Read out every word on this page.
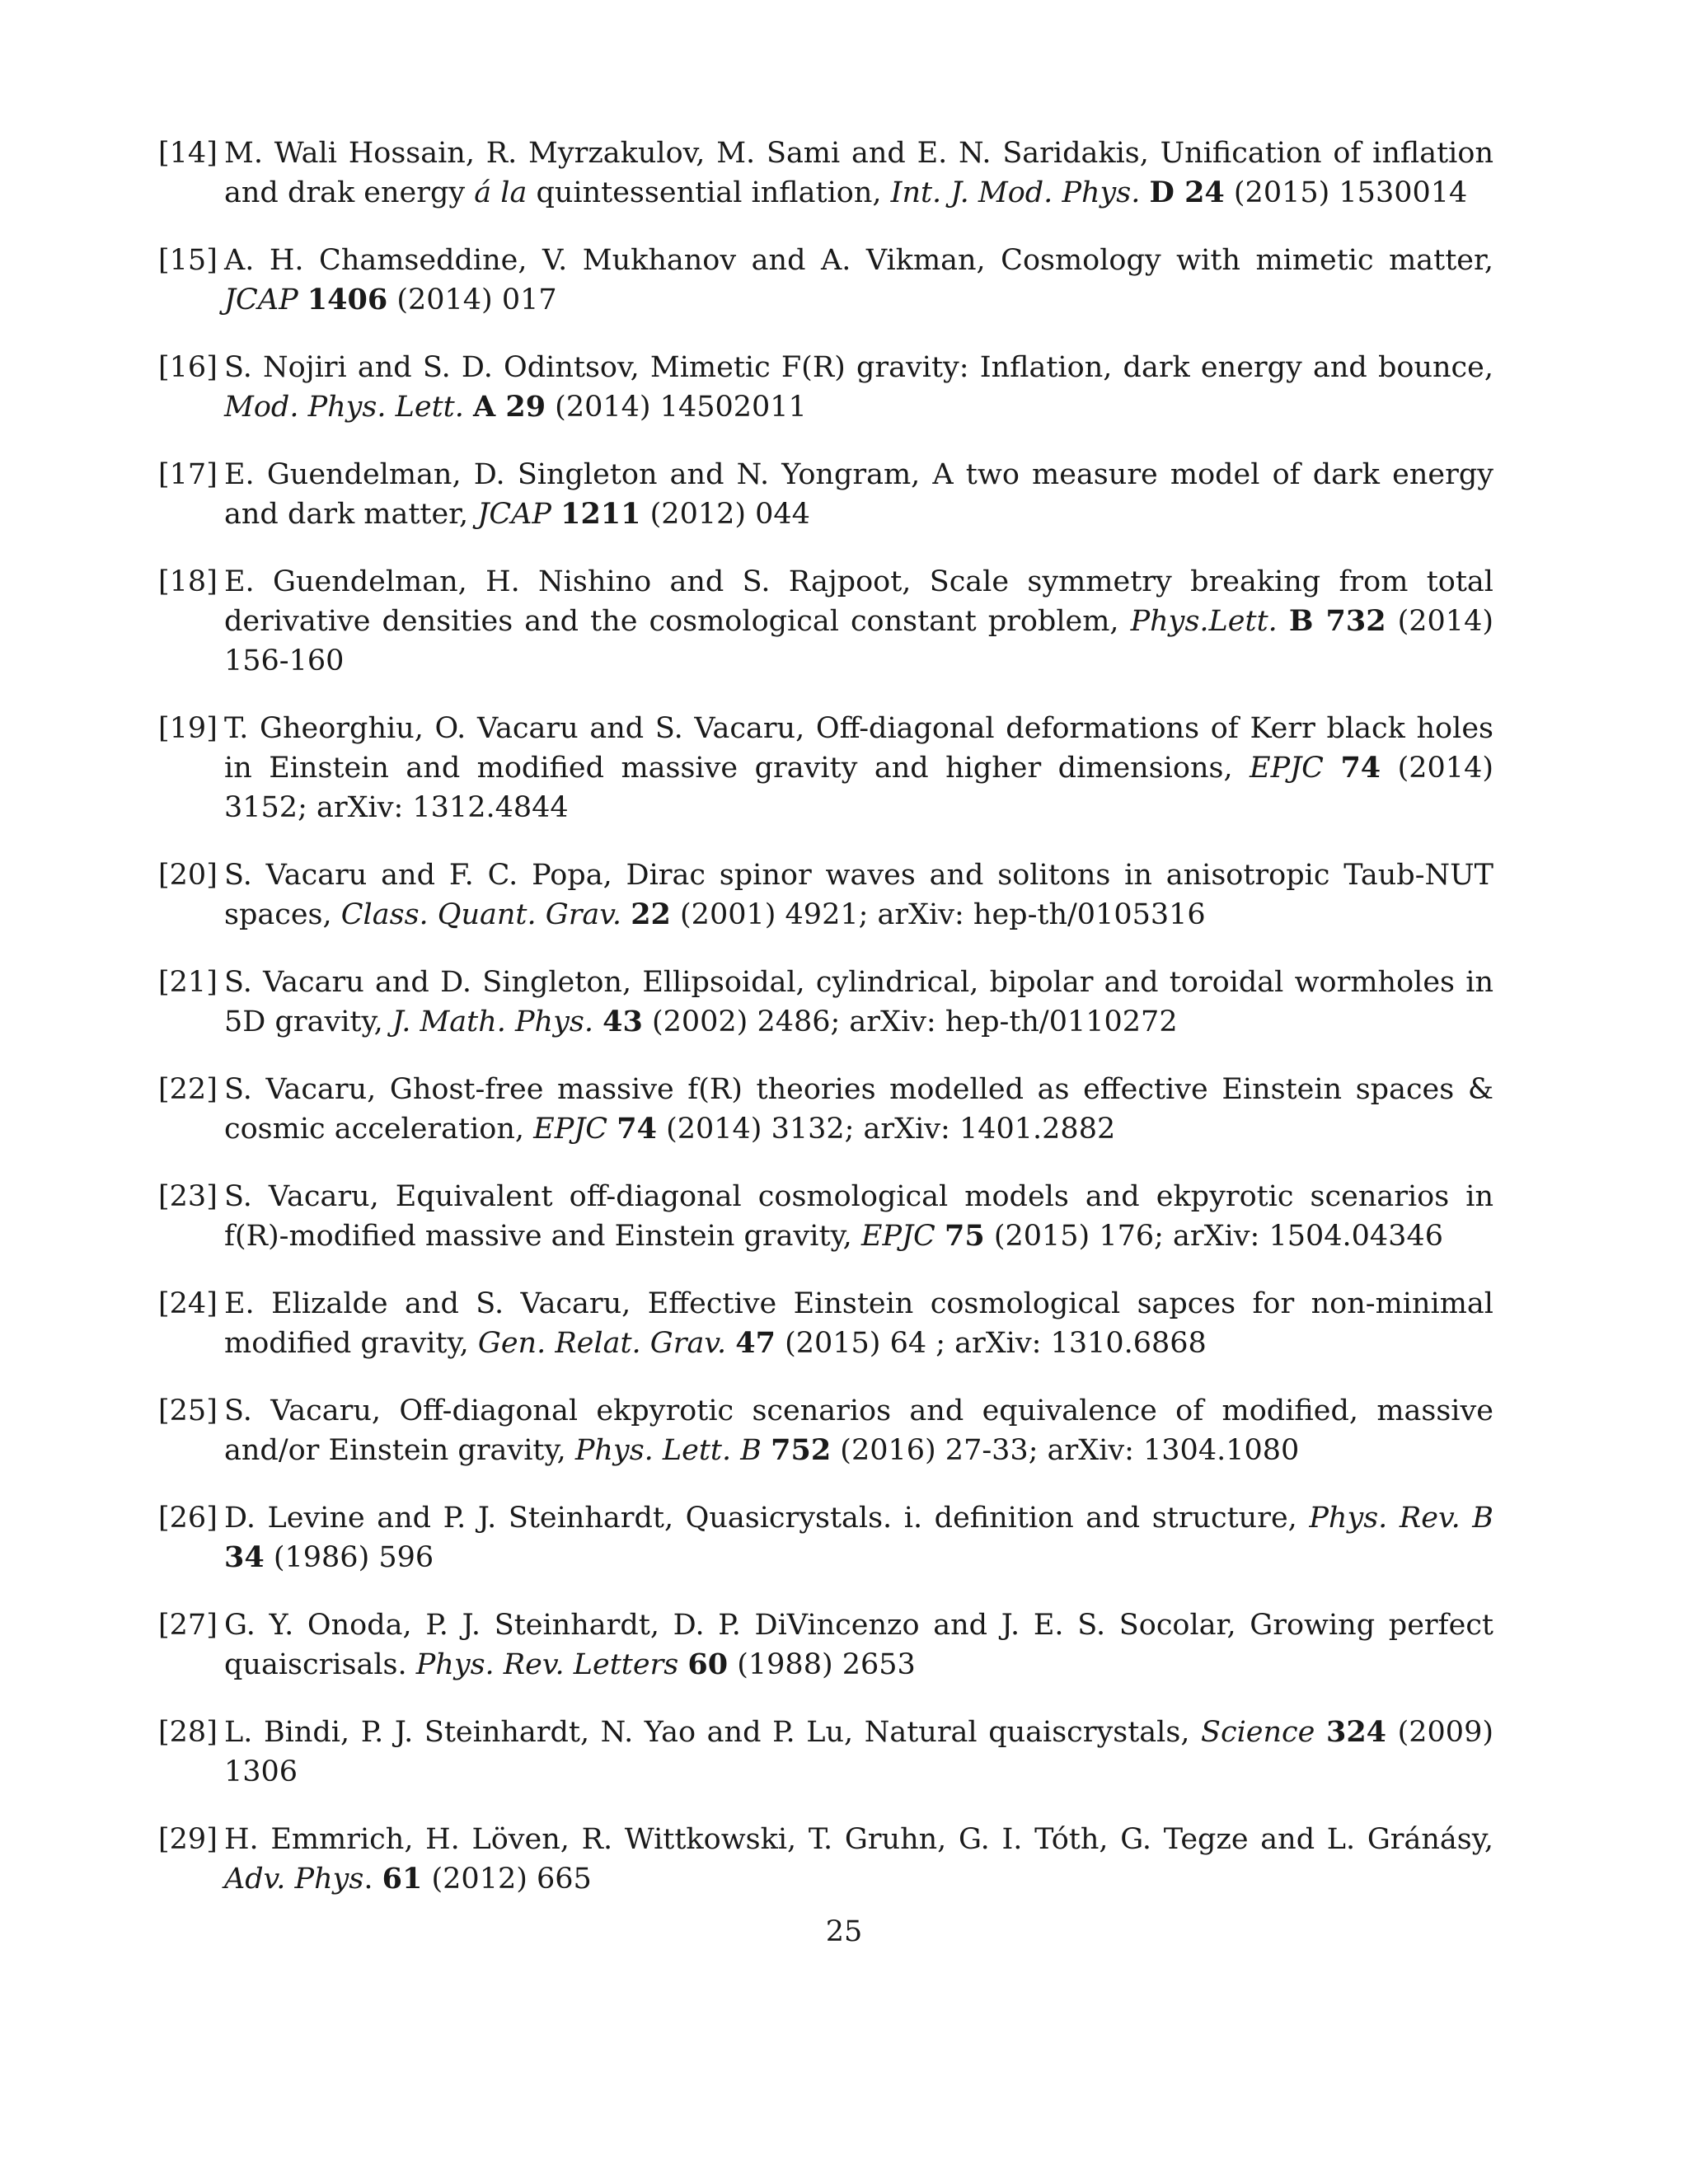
[14] M. Wali Hossain, R. Myrzakulov, M. Sami and E. N. Saridakis, Unification of inflation and drak energy á la quintessential inflation, Int. J. Mod. Phys. D 24 (2015) 1530014
[15] A. H. Chamseddine, V. Mukhanov and A. Vikman, Cosmology with mimetic matter, JCAP 1406 (2014) 017
[16] S. Nojiri and S. D. Odintsov, Mimetic F(R) gravity: Inflation, dark energy and bounce, Mod. Phys. Lett. A 29 (2014) 14502011
[17] E. Guendelman, D. Singleton and N. Yongram, A two measure model of dark energy and dark matter, JCAP 1211 (2012) 044
[18] E. Guendelman, H. Nishino and S. Rajpoot, Scale symmetry breaking from total derivative densities and the cosmological constant problem, Phys.Lett. B 732 (2014) 156-160
[19] T. Gheorghiu, O. Vacaru and S. Vacaru, Off-diagonal deformations of Kerr black holes in Einstein and modified massive gravity and higher dimensions, EPJC 74 (2014) 3152; arXiv: 1312.4844
[20] S. Vacaru and F. C. Popa, Dirac spinor waves and solitons in anisotropic Taub-NUT spaces, Class. Quant. Grav. 22 (2001) 4921; arXiv: hep-th/0105316
[21] S. Vacaru and D. Singleton, Ellipsoidal, cylindrical, bipolar and toroidal wormholes in 5D gravity, J. Math. Phys. 43 (2002) 2486; arXiv: hep-th/0110272
[22] S. Vacaru, Ghost-free massive f(R) theories modelled as effective Einstein spaces & cosmic acceleration, EPJC 74 (2014) 3132; arXiv: 1401.2882
[23] S. Vacaru, Equivalent off-diagonal cosmological models and ekpyrotic scenarios in f(R)-modified massive and Einstein gravity, EPJC 75 (2015) 176; arXiv: 1504.04346
[24] E. Elizalde and S. Vacaru, Effective Einstein cosmological sapces for non-minimal modified gravity, Gen. Relat. Grav. 47 (2015) 64 ; arXiv: 1310.6868
[25] S. Vacaru, Off-diagonal ekpyrotic scenarios and equivalence of modified, massive and/or Einstein gravity, Phys. Lett. B 752 (2016) 27-33; arXiv: 1304.1080
[26] D. Levine and P. J. Steinhardt, Quasicrystals. i. definition and structure, Phys. Rev. B 34 (1986) 596
[27] G. Y. Onoda, P. J. Steinhardt, D. P. DiVincenzo and J. E. S. Socolar, Growing perfect quaiscrisals. Phys. Rev. Letters 60 (1988) 2653
[28] L. Bindi, P. J. Steinhardt, N. Yao and P. Lu, Natural quaiscrystals, Science 324 (2009) 1306
[29] H. Emmrich, H. Löven, R. Wittkowski, T. Gruhn, G. I. Tóth, G. Tegze and L. Gránásy, Adv. Phys. 61 (2012) 665
25
